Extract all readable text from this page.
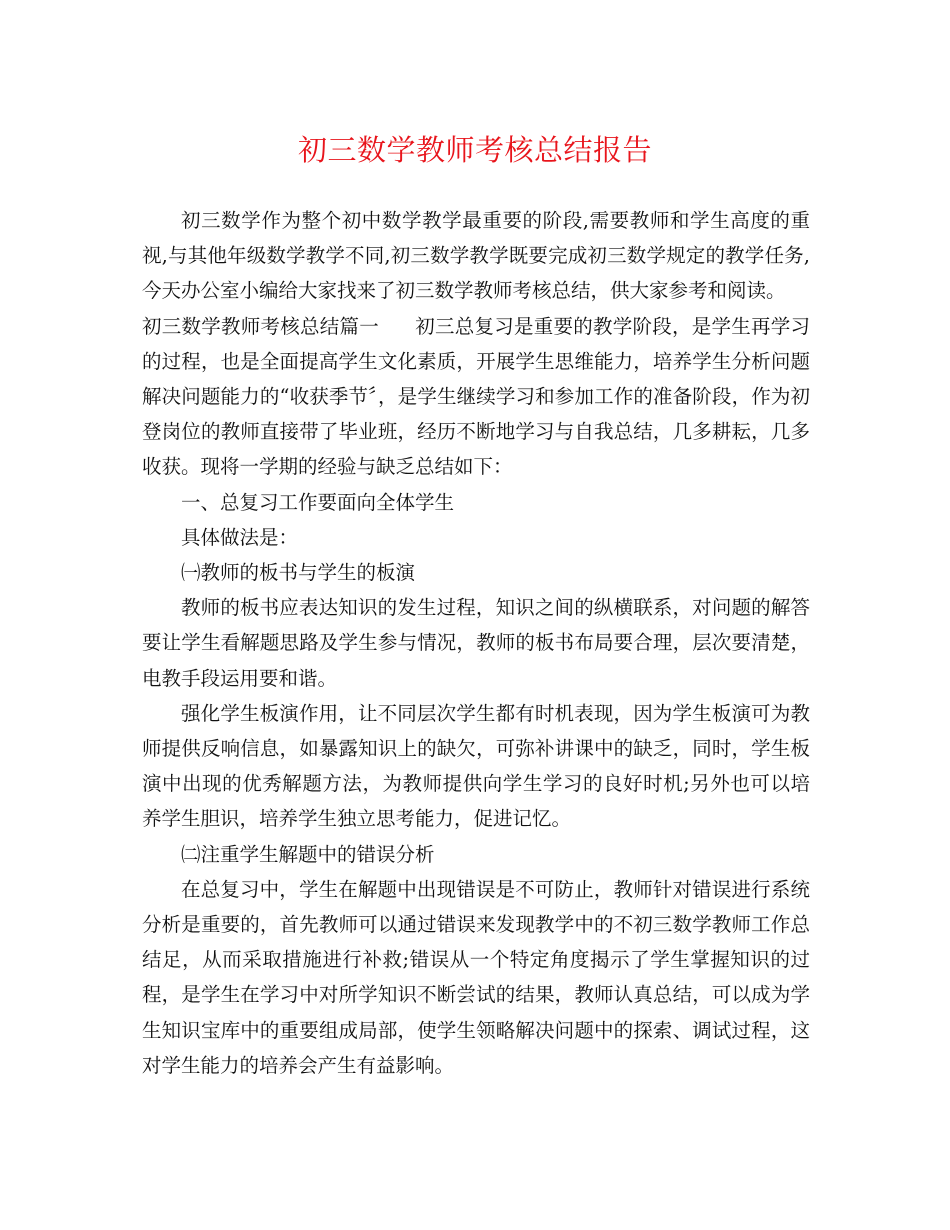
初三数学教师考核总结报告

初三数学作为整个初中数学教学最重要的阶段,需要教师和学生高度的重视,与其他年级数学教学不同,初三数学教学既要完成初三数学规定的教学任务,今天办公室小编给大家找来了初三数学教师考核总结，供大家参考和阅读。

初三数学教师考核总结篇一 初三总复习是重要的教学阶段，是学生再学习的过程，也是全面提高学生文化素质，开展学生思维能力，培养学生分析问题解决问题能力的“收获季节〞，是学生继续学习和参加工作的准备阶段，作为初登岗位的教师直接带了毕业班，经历不断地学习与自我总结，几多耕耘，几多收获。现将一学期的经验与缺乏总结如下：

一、总复习工作要面向全体学生

具体做法是：

㈠教师的板书与学生的板演

教师的板书应表达知识的发生过程，知识之间的纵横联系，对问题的解答要让学生看解题思路及学生参与情况，教师的板书布局要合理，层次要清楚，电教手段运用要和谐。

强化学生板演作用，让不同层次学生都有时机表现，因为学生板演可为教师提供反响信息，如暴露知识上的缺欠，可弥补讲课中的缺乏，同时，学生板演中出现的优秀解题方法，为教师提供向学生学习的良好时机;另外也可以培养学生胆识，培养学生独立思考能力，促进记忆。

㈡注重学生解题中的错误分析

在总复习中，学生在解题中出现错误是不可防止，教师针对错误进行系统分析是重要的，首先教师可以通过错误来发现教学中的不初三数学教师工作总结足，从而采取措施进行补救;错误从一个特定角度揭示了学生掌握知识的过程，是学生在学习中对所学知识不断尝试的结果，教师认真总结，可以成为学生知识宝库中的重要组成局部，使学生领略解决问题中的探索、调试过程，这对学生能力的培养会产生有益影响。
